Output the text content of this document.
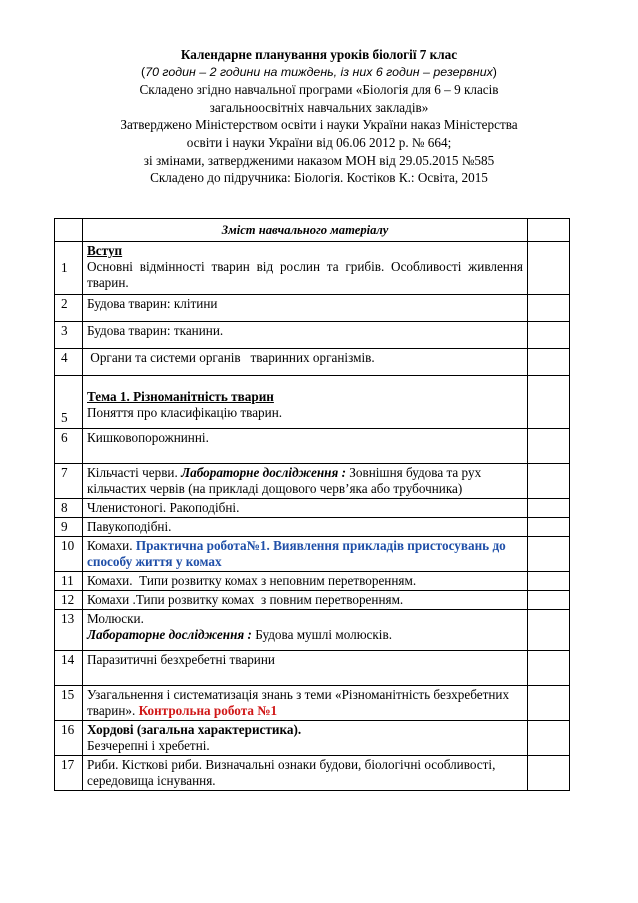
Календарне планування уроків біології 7 клас
(70 годин – 2 години на тиждень, із них 6 годин – резервних)
Складено згідно навчальної програми «Біологія для 6 – 9 класів
загальноосвітніх навчальних закладів»
Затверджено Міністерством освіти і науки України наказ Міністерства
освіти і науки України від 06.06 2012 р. № 664;
зі змінами, затвердженими наказом МОН від 29.05.2015 №585
Складено до підручника: Біологія. Костіков К.: Освіта, 2015
	Зміст навчального матеріалу	
1	Вступ
Основні відмінності тварин від рослин та грибів. Особливості живлення тварин.

2	Будова тварин: клітини

3	Будова тварин: тканини.

4	Органи та системи органів   тваринних організмів.

5	Тема 1. Різноманітність тварин
Поняття про класифікацію тварин.

6	Кишковопорожнинні.

7	Кільчасті черви. Лабораторне дослідження : Зовнішня будова та рух кільчастих червів (на прикладі дощового черв’яка або трубочника)	
8	Членистоногі. Ракоподібні.	
9	Павукоподібні.	
10	Комахи. Практична робота№1. Виявлення прикладів пристосувань до способу життя у комах	
11	Комахи.  Типи розвитку комах з неповним перетворенням.	
12	Комахи .Типи розвитку комах  з повним перетворенням.	
13	Молюски.
Лабораторне дослідження : Будова мушлі молюсків.

14	Паразитичні безхребетні тварини

15	Узагальнення і систематизація знань з теми «Різноманітність безхребетних тварин». Контрольна робота №1	
16	Хордові (загальна характеристика).
Безчерепні і хребетні.	
17	Риби. Кісткові риби. Визначальні ознаки будови, біологічні особливості, середовища існування.	
